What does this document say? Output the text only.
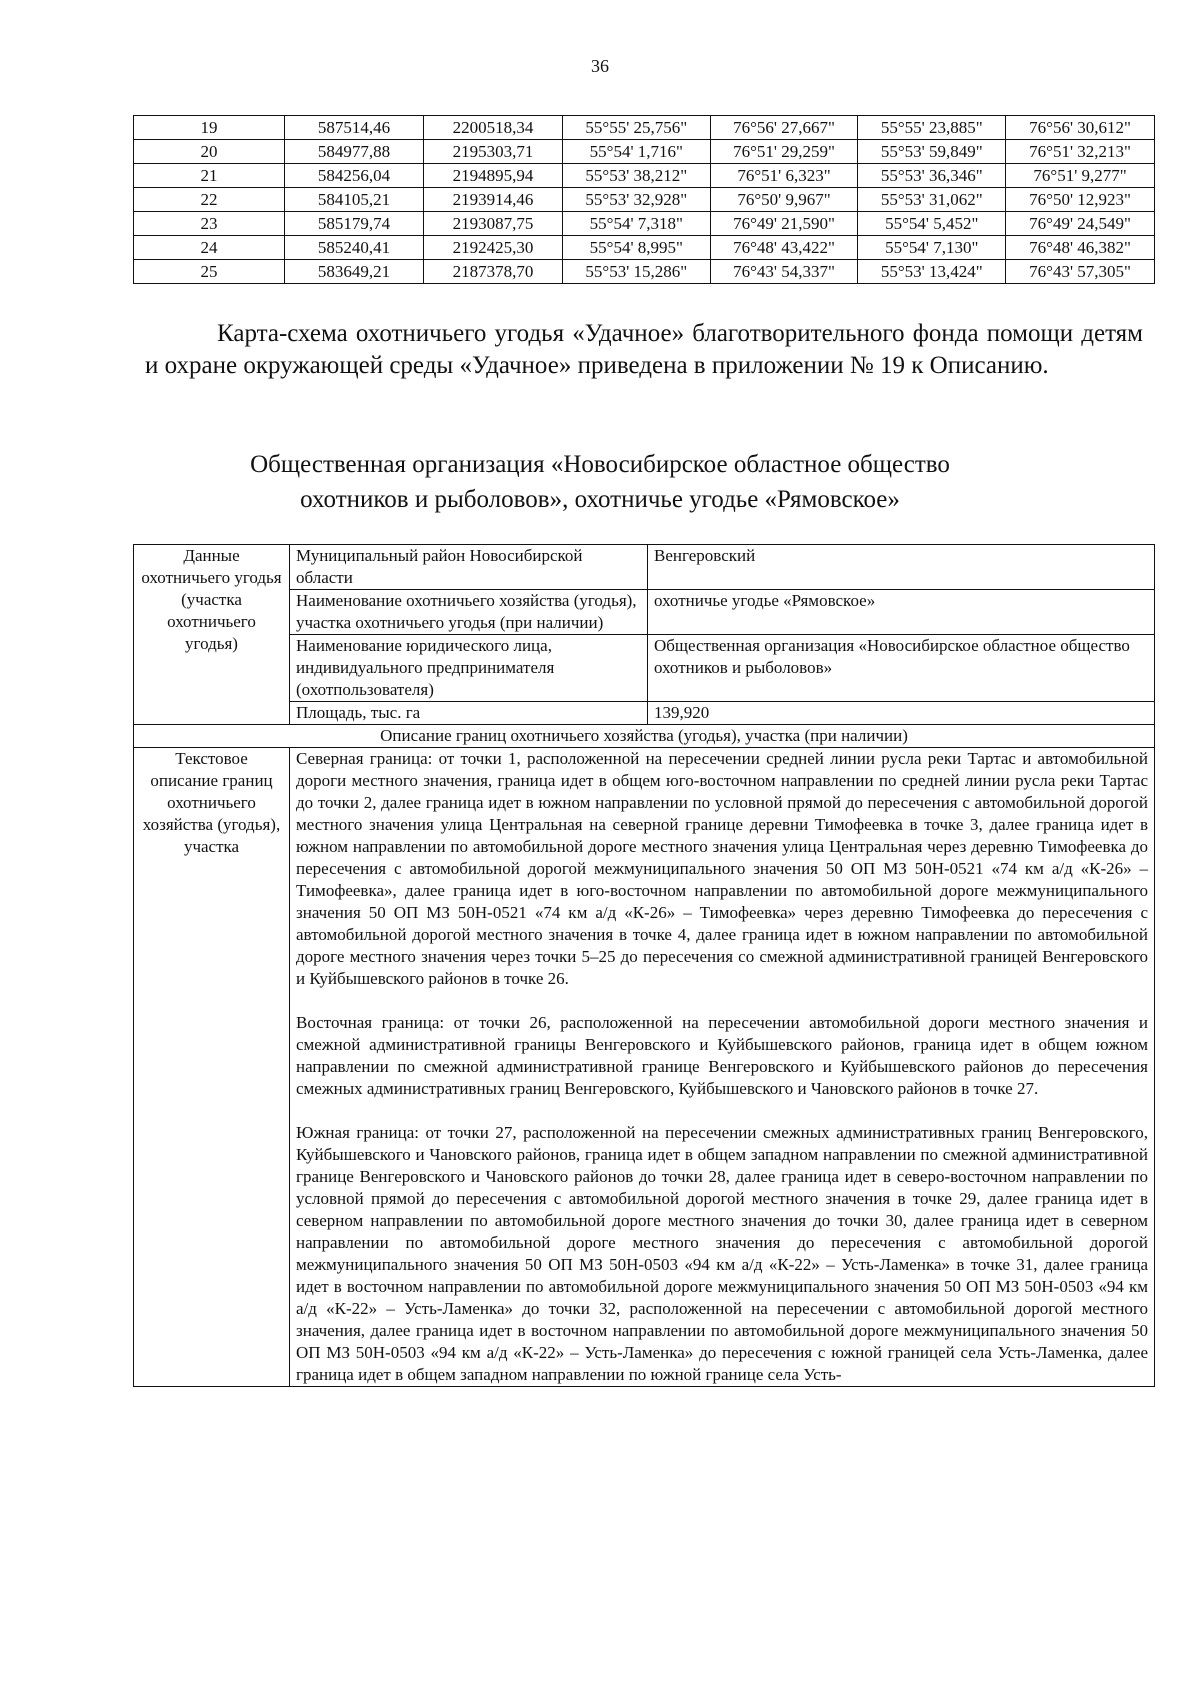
36
19	587514,46	2200518,34	55°55' 25,756"	76°56' 27,667"	55°55' 23,885"	76°56' 30,612"
20	584977,88	2195303,71	55°54' 1,716"	76°51' 29,259"	55°53' 59,849"	76°51' 32,213"
21	584256,04	2194895,94	55°53' 38,212"	76°51' 6,323"	55°53' 36,346"	76°51' 9,277"
22	584105,21	2193914,46	55°53' 32,928"	76°50' 9,967"	55°53' 31,062"	76°50' 12,923"
23	585179,74	2193087,75	55°54' 7,318"	76°49' 21,590"	55°54' 5,452"	76°49' 24,549"
24	585240,41	2192425,30	55°54' 8,995"	76°48' 43,422"	55°54' 7,130"	76°48' 46,382"
25	583649,21	2187378,70	55°53' 15,286"	76°43' 54,337"	55°53' 13,424"	76°43' 57,305"

Карта-схема охотничьего угодья «Удачное» благотворительного фонда помощи детям и охране окружающей среды «Удачное» приведена в приложении № 19 к Описанию.

Общественная организация «Новосибирское областное общество
охотников и рыболовов», охотничье угодье «Рямовское»
Данные охотничьего угодья (участка охотничьего угодья)	Муниципальный район Новосибирской области	Венгеровский
	Наименование охотничьего хозяйства (угодья), участка охотничьего угодья (при наличии)	охотничье угодье «Рямовское»
	Наименование юридического лица, индивидуального предпринимателя (охотпользователя)	Общественная организация «Новосибирское областное общество охотников и рыболовов»
	Площадь, тыс. га	139,920
Описание границ охотничьего хозяйства (угодья), участка (при наличии)		
Текстовое описание границ охотничьего хозяйства (угодья), участка	Северная граница: от точки 1, расположенной на пересечении средней линии русла реки Тартас и автомобильной дороги местного значения, граница идет в общем юго-восточном направлении по средней линии русла реки Тартас до точки 2, далее граница идет в южном направлении по условной прямой до пересечения с автомобильной дорогой местного значения улица Центральная на северной границе деревни Тимофеевка в точке 3, далее граница идет в южном направлении по автомобильной дороге местного значения улица Центральная через деревню Тимофеевка до пересечения с автомобильной дорогой межмуниципального значения 50 ОП МЗ 50Н-0521 «74 км а/д «К-26» – Тимофеевка», далее граница идет в юго-восточном направлении по автомобильной дороге межмуниципального значения 50 ОП МЗ 50Н-0521 «74 км а/д «К-26» – Тимофеевка» через деревню Тимофеевка до пересечения с автомобильной дорогой местного значения в точке 4, далее граница идет в южном направлении по автомобильной дороге местного значения через точки 5–25 до пересечения со смежной административной границей Венгеровского и Куйбышевского районов в точке 26.

Восточная граница: от точки 26, расположенной на пересечении автомобильной дороги местного значения и смежной административной границы Венгеровского и Куйбышевского районов, граница идет в общем южном направлении по смежной административной границе Венгеровского и Куйбышевского районов до пересечения смежных административных границ Венгеровского, Куйбышевского и Чановского районов в точке 27.

Южная граница: от точки 27, расположенной на пересечении смежных административных границ Венгеровского, Куйбышевского и Чановского районов, граница идет в общем западном направлении по смежной административной границе Венгеровского и Чановского районов до точки 28, далее граница идет в северо-восточном направлении по условной прямой до пересечения с автомобильной дорогой местного значения в точке 29, далее граница идет в северном направлении по автомобильной дороге местного значения до точки 30, далее граница идет в северном направлении по автомобильной дороге местного значения до пересечения с автомобильной дорогой межмуниципального значения 50 ОП МЗ 50Н-0503 «94 км а/д «К-22» – Усть-Ламенка» в точке 31, далее граница идет в восточном направлении по автомобильной дороге межмуниципального значения 50 ОП МЗ 50Н-0503 «94 км а/д «К-22» – Усть-Ламенка» до точки 32, расположенной на пересечении с автомобильной дорогой местного значения, далее граница идет в восточном направлении по автомобильной дороге межмуниципального значения 50 ОП МЗ 50Н-0503 «94 км а/д «К-22» – Усть-Ламенка» до пересечения с южной границей села Усть-Ламенка, далее граница идет в общем западном направлении по южной границе села Усть-	
